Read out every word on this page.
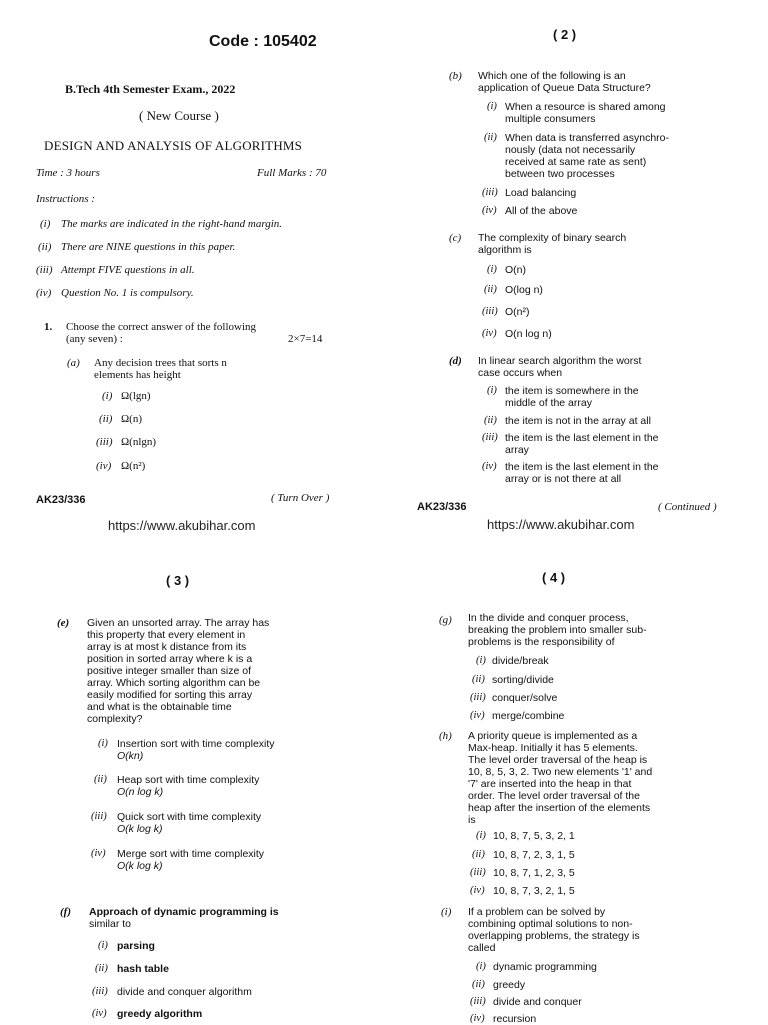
Code : 105402
B.Tech 4th Semester Exam., 2022
( New Course )
DESIGN AND ANALYSIS OF ALGORITHMS
Time : 3 hours	Full Marks : 70
Instructions :
(i) The marks are indicated in the right-hand margin.
(ii) There are NINE questions in this paper.
(iii) Attempt FIVE questions in all.
(iv) Question No. 1 is compulsory.
1. Choose the correct answer of the following
(any seven) :	2×7=14
(a) Any decision trees that sorts n
elements has height
(i) Ω(lgn)
(ii) Ω(n)
(iii) Ω(nlgn)
(iv) Ω(n²)
AK23/336	( Turn Over )
https://www.akubihar.com
( 2 )
(b) Which one of the following is an
application of Queue Data Structure?
(i) When a resource is shared among
multiple consumers
(ii) When data is transferred asynchro-
nously (data not necessarily
received at same rate as sent)
between two processes
(iii) Load balancing
(iv) All of the above
(c) The complexity of binary search
algorithm is
(i) O(n)
(ii) O(log n)
(iii) O(n²)
(iv) O(n log n)
(d) In linear search algorithm the worst
case occurs when
(i) the item is somewhere in the
middle of the array
(ii) the item is not in the array at all
(iii) the item is the last element in the
array
(iv) the item is the last element in the
array or is not there at all
AK23/336	( Continued )
https://www.akubihar.com
( 3 )
(e) Given an unsorted array. The array has
this property that every element in
array is at most k distance from its
position in sorted array where k is a
positive integer smaller than size of
array. Which sorting algorithm can be
easily modified for sorting this array
and what is the obtainable time
complexity?
(i) Insertion sort with time complexity
O(kn)
(ii) Heap sort with time complexity
O(n log k)
(iii) Quick sort with time complexity
O(k log k)
(iv) Merge sort with time complexity
O(k log k)
(f) Approach of dynamic programming is
similar to
(i) parsing
(ii) hash table
(iii) divide and conquer algorithm
(iv) greedy algorithm
( 4 )
(g) In the divide and conquer process,
breaking the problem into smaller sub-
problems is the responsibility of
(i) divide/break
(ii) sorting/divide
(iii) conquer/solve
(iv) merge/combine
(h) A priority queue is implemented as a
Max-heap. Initially it has 5 elements.
The level order traversal of the heap is
10, 8, 5, 3, 2. Two new elements '1' and
'7' are inserted into the heap in that
order. The level order traversal of the
heap after the insertion of the elements
is
(i) 10, 8, 7, 5, 3, 2, 1
(ii) 10, 8, 7, 2, 3, 1, 5
(iii) 10, 8, 7, 1, 2, 3, 5
(iv) 10, 8, 7, 3, 2, 1, 5
(i) If a problem can be solved by
combining optimal solutions to non-
overlapping problems, the strategy is
called
(i) dynamic programming
(ii) greedy
(iii) divide and conquer
(iv) recursion
